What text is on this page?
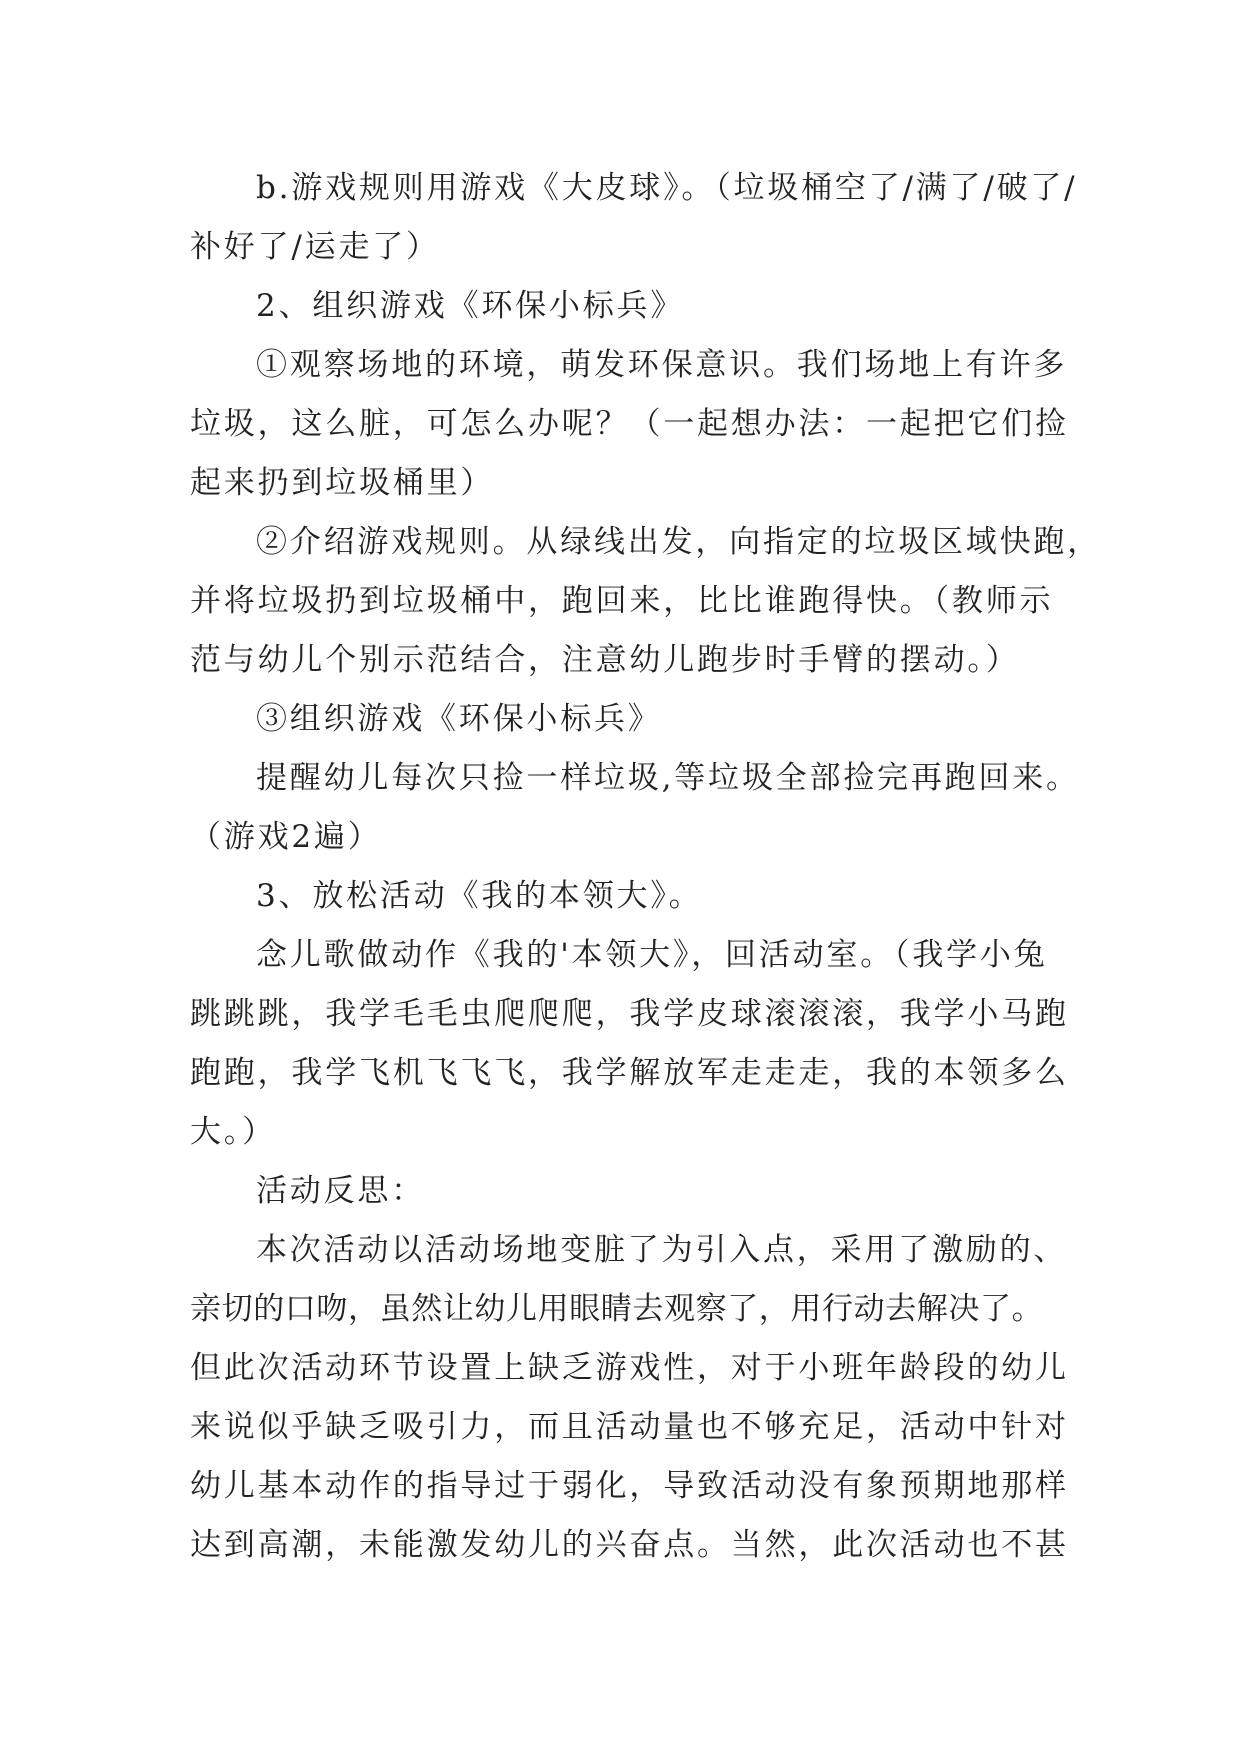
b.游戏规则用游戏《大皮球》。（垃圾桶空了/满了/破了/
补好了/运走了）
2、组织游戏《环保小标兵》
①观察场地的环境，萌发环保意识。我们场地上有许多
垃圾，这么脏，可怎么办呢？（一起想办法：一起把它们捡
起来扔到垃圾桶里）
②介绍游戏规则。从绿线出发，向指定的垃圾区域快跑，
并将垃圾扔到垃圾桶中，跑回来，比比谁跑得快。（教师示
范与幼儿个别示范结合，注意幼儿跑步时手臂的摆动。）
③组织游戏《环保小标兵》
提醒幼儿每次只捡一样垃圾,等垃圾全部捡完再跑回来。
（游戏2遍）
3、放松活动《我的本领大》。
念儿歌做动作《我的'本领大》，回活动室。（我学小兔
跳跳跳，我学毛毛虫爬爬爬，我学皮球滚滚滚，我学小马跑
跑跑，我学飞机飞飞飞，我学解放军走走走，我的本领多么
大。）
活动反思：
本次活动以活动场地变脏了为引入点，采用了激励的、
亲切的口吻，虽然让幼儿用眼睛去观察了，用行动去解决了。
但此次活动环节设置上缺乏游戏性，对于小班年龄段的幼儿
来说似乎缺乏吸引力，而且活动量也不够充足，活动中针对
幼儿基本动作的指导过于弱化，导致活动没有象预期地那样
达到高潮，未能激发幼儿的兴奋点。当然，此次活动也不甚
